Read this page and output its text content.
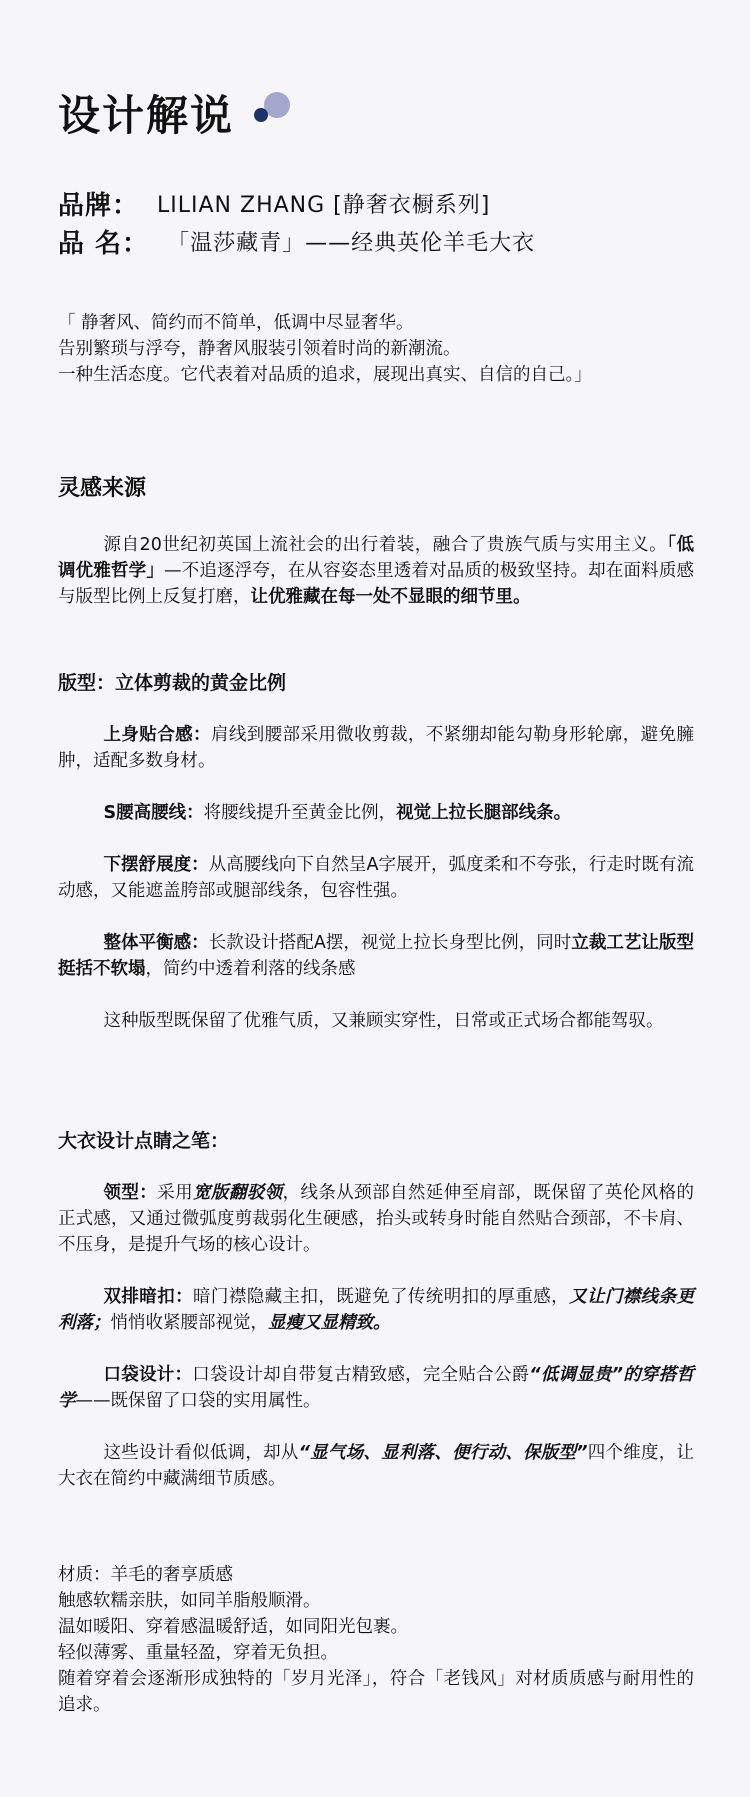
设计解说
品牌： LILIAN ZHANG [静奢衣橱系列]
品 名： 「温莎藏青」——经典英伦羊毛大衣

「 静奢风、简约而不简单，低调中尽显奢华。

告别繁琐与浮夸，静奢风服装引领着时尚的新潮流。

一种生活态度。它代表着对品质的追求，展现出真实、自信的自己。」

灵感来源

源自20世纪初英国上流社会的出行着装，融合了贵族气质与实用主义。「低调优雅哲学」—不追逐浮夸，在从容姿态里透着对品质的极致坚持。却在面料质感与版型比例上反复打磨，让优雅藏在每一处不显眼的细节里。

版型：立体剪裁的黄金比例

上身贴合感：肩线到腰部采用微收剪裁，不紧绷却能勾勒身形轮廓，避免臃肿，适配多数身材。

S腰高腰线：将腰线提升至黄金比例，视觉上拉长腿部线条。

下摆舒展度：从高腰线向下自然呈A字展开，弧度柔和不夸张，行走时既有流动感，又能遮盖胯部或腿部线条，包容性强。

整体平衡感：长款设计搭配A摆，视觉上拉长身型比例，同时立裁工艺让版型挺括不软塌，简约中透着利落的线条感

这种版型既保留了优雅气质，又兼顾实穿性，日常或正式场合都能驾驭。

大衣设计点睛之笔：

领型：采用宽版翻驳领，线条从颈部自然延伸至肩部，既保留了英伦风格的正式感，又通过微弧度剪裁弱化生硬感，抬头或转身时能自然贴合颈部，不卡肩、不压身，是提升气场的核心设计。

双排暗扣：暗门襟隐藏主扣，既避免了传统明扣的厚重感，又让门襟线条更利落；悄悄收紧腰部视觉，显瘦又显精致。

口袋设计：口袋设计却自带复古精致感，完全贴合公爵“低调显贵”的穿搭哲学——既保留了口袋的实用属性。

这些设计看似低调，却从“显气场、显利落、便行动、保版型”四个维度，让大衣在简约中藏满细节质感。

材质：羊毛的奢享质感

触感软糯亲肤，如同羊脂般顺滑。

温如暖阳、穿着感温暖舒适，如同阳光包裹。

轻似薄雾、重量轻盈，穿着无负担。

随着穿着会逐渐形成独特的「岁月光泽」，符合「老钱风」对材质质感与耐用性的追求。
